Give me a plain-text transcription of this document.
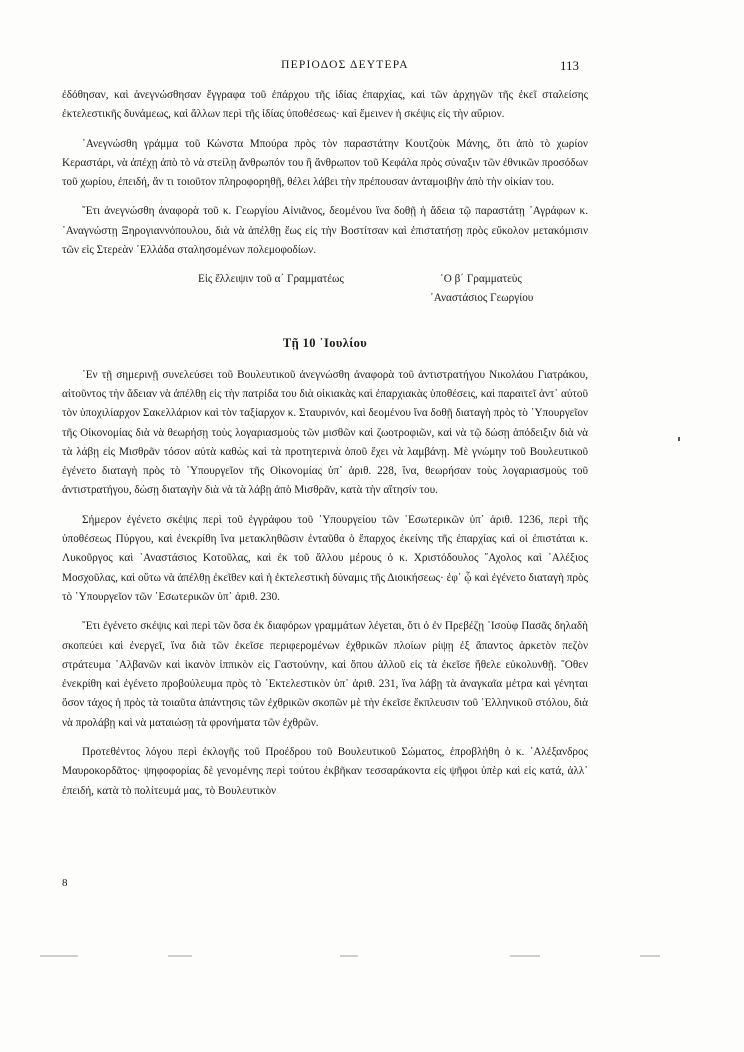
ΠΕΡΙΟΔΟΣ ΔΕΥΤΕΡΑ	113

ἐδόθησαν, καὶ ἀνεγνώσθησαν ἔγγραφα τοῦ ἐπάρχου τῆς ἰδίας ἐπαρχίας, καὶ τῶν ἀρχηγῶν τῆς ἐκεῖ σταλείσης ἐκτελεστικῆς δυνάμεως, καὶ ἄλλων περὶ τῆς ἰδίας ὑποθέσεως· καὶ ἔμεινεν ἡ σκέψις εἰς τὴν αὔριον.

᾿Ανεγνώσθη γράμμα τοῦ Κώνστα Μπούρα πρὸς τὸν παραστάτην Κουτζοὺκ Μάνης, ὅτι ἀπὸ τὸ χωρίον Κεραστάρι, νὰ ἀπέχῃ ἀπὸ τὸ νὰ στείλῃ ἄνθρωπόν του ἢ ἄνθρωπον τοῦ Κεφάλα πρὸς σύναξιν τῶν ἐθνικῶν προσόδων τοῦ χωρίου, ἐπειδή, ἄν τι τοιοῦτον πληροφορηθῇ, θέλει λάβει τὴν πρέπουσαν ἀνταμοιβὴν ἀπὸ τὴν οἰκίαν του.

῎Ετι ἀνεγνώσθη ἀναφορὰ τοῦ κ. Γεωργίου Αἰνιᾶνος, δεομένου ἵνα δοθῇ ἡ ἄδεια τῷ παραστάτῃ ᾿Αγράφων κ. ᾿Αναγνώστῃ Ξηρογιαννόπουλου, διὰ νὰ ἀπέλθῃ ἕως εἰς τὴν Βοστίτσαν καὶ ἐπιστατήσῃ πρὸς εὔκολον μετακόμισιν τῶν εἰς Στερεὰν ῾Ελλάδα σταλησομένων πολεμοφοδίων.

Εἰς ἔλλειψιν τοῦ α΄ Γραμματέως	῾Ο β΄ Γραμματεὺς
᾿Αναστάσιος Γεωργίου
Τῇ 10 ᾿Ιουλίου

᾿Εν τῇ σημερινῇ συνελεύσει τοῦ Βουλευτικοῦ ἀνεγνώσθη ἀναφορὰ τοῦ ἀντιστρατήγου Νικολάου Γιατράκου, αἰτοῦντος τὴν ἄδειαν νὰ ἀπέλθῃ εἰς τὴν πατρίδα του διὰ οἰκιακὰς καὶ ἐπαρχιακὰς ὑποθέσεις, καὶ παραιτεῖ ἀντ᾿ αὐτοῦ τὸν ὑποχιλίαρχον Σακελλάριον καὶ τὸν ταξίαρχον κ. Σταυρινόν, καὶ δεομένου ἵνα δοθῇ διαταγὴ πρὸς τὸ ῾Υπουργεῖον τῆς Οἰκονομίας διὰ νὰ θεωρήσῃ τοὺς λογαριασμοὺς τῶν μισθῶν καὶ ζωοτροφιῶν, καὶ νὰ τῷ δώσῃ ἀπόδειξιν διὰ νὰ τὰ λάβῃ εἰς Μισθρᾶν τόσον αὐτὰ καθὼς καὶ τὰ προτητερινὰ ὁποῦ ἔχει νὰ λαμβάνῃ. Μὲ γνώμην τοῦ Βουλευτικοῦ ἐγένετο διαταγὴ πρὸς τὸ ῾Υπουργεῖον τῆς Οἰκονομίας ὑπ᾿ ἀριθ. 228, ἵνα, θεωρήσαν τοὺς λογαριασμοὺς τοῦ ἀντιστρατήγου, δώσῃ διαταγὴν διὰ νὰ τὰ λάβῃ ἀπὸ Μισθρᾶν, κατὰ τὴν αἴτησίν του.

Σήμερον ἐγένετο σκέψις περὶ τοῦ ἐγγράφου τοῦ ῾Υπουργείου τῶν ᾿Εσωτερικῶν ὑπ᾿ ἀριθ. 1236, περὶ τῆς ὑποθέσεως Πύργου, καὶ ἐνεκρίθη ἵνα μετακληθῶσιν ἐνταῦθα ὁ ἔπαρχος ἐκείνης τῆς ἐπαρχίας καὶ οἱ ἐπιστάται κ. Λυκοῦργος καὶ ᾿Αναστάσιος Κοτοῦλας, καὶ ἐκ τοῦ ἄλλου μέρους ὁ κ. Χριστόδουλος ῎Αχολος καὶ ᾿Αλέξιος Μοσχοῦλας, καὶ οὕτω νὰ ἀπέλθῃ ἐκεῖθεν καὶ ἡ ἐκτελεστικὴ δύναμις τῆς Διοικήσεως· ἐφ᾿ ᾧ καὶ ἐγένετο διαταγὴ πρὸς τὸ ῾Υπουργεῖον τῶν ᾿Εσωτερικῶν ὑπ᾿ ἀριθ. 230.

῎Ετι ἐγένετο σκέψις καὶ περὶ τῶν ὅσα ἐκ διαφόρων γραμμάτων λέγεται, ὅτι ὁ ἐν Πρεβέζῃ ᾿Ισοὺφ Πασᾶς δηλαδὴ σκοπεύει καὶ ἐνεργεῖ, ἵνα διὰ τῶν ἐκεῖσε περιφερομένων ἐχθρικῶν πλοίων ρίψῃ ἐξ ἅπαντος ἀρκετὸν πεζὸν στράτευμα ᾿Αλβανῶν καὶ ἱκανὸν ἱππικὸν εἰς Γαστούνην, καὶ ὅπου ἀλλοῦ εἰς τὰ ἐκεῖσε ἤθελε εὐκολυνθῇ. ῞Οθεν ἐνεκρίθη καὶ ἐγένετο προβούλευμα πρὸς τὸ ᾿Εκτελεστικὸν ὑπ᾿ ἀριθ. 231, ἵνα λάβῃ τὰ ἀναγκαῖα μέτρα καὶ γένηται ὅσον τάχος ἡ πρὸς τὰ τοιαῦτα ἀπάντησις τῶν ἐχθρικῶν σκοπῶν μὲ τὴν ἐκεῖσε ἔκπλευσιν τοῦ ῾Ελληνικοῦ στόλου, διὰ νὰ προλάβῃ καὶ νὰ ματαιώσῃ τὰ φρονήματα τῶν ἐχθρῶν.

Προτεθέντος λόγου περὶ ἐκλογῆς τοῦ Προέδρου τοῦ Βουλευτικοῦ Σώματος, ἐπροβλήθη ὁ κ. ᾿Αλέξανδρος Μαυροκορδᾶτος· ψηφοφορίας δὲ γενομένης περὶ τούτου ἐκβῆκαν τεσσαράκοντα εἰς ψῆφοι ὑπὲρ καὶ εἰς κατά, ἀλλ᾿ ἐπειδή, κατὰ τὸ πολίτευμά μας, τὸ Βουλευτικὸν

8
